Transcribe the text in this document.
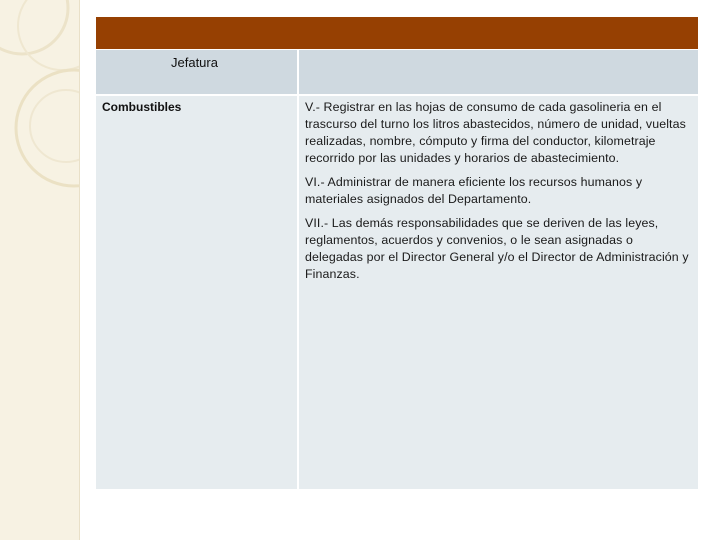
Jefatura
Combustibles	V.- Registrar en las hojas de consumo de cada gasolineria en el trascurso del turno los litros abastecidos, número de unidad, vueltas realizadas, nombre, cómputo y firma del conductor, kilometraje recorrido por las unidades y horarios de abastecimiento.

VI.- Administrar de manera eficiente los recursos humanos y materiales asignados del Departamento.

VII.- Las demás responsabilidades que se deriven de las leyes, reglamentos, acuerdos y convenios, o le sean asignadas o delegadas por el Director General y/o el Director de Administración y Finanzas.
